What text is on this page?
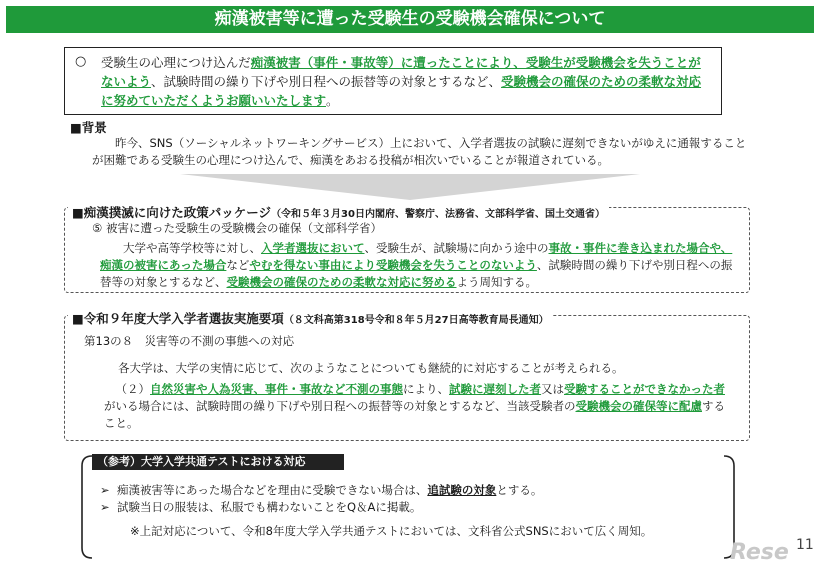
痴漢被害等に遭った受験生の受験機会確保について
○ 受験生の心理につけ込んだ痴漢被害（事件・事故等）に遭ったことにより、受験生が受験機会を失うことがないよう、試験時間の繰り下げや別日程への振替等の対象とするなど、受験機会の確保のための柔軟な対応に努めていただくようお願いいたします。
■背景
昨今、SNS（ソーシャルネットワーキングサービス）上において、入学者選抜の試験に遅刻できないがゆえに通報することが困難である受験生の心理につけ込んで、痴漢をあおる投稿が相次いでいることが報道されている。
■痴漢撲滅に向けた政策パッケージ（令和５年３月30日内閣府、警察庁、法務省、文部科学省、国土交通省）
⑤ 被害に遭った受験生の受験機会の確保（文部科学省）
大学や高等学校等に対し、入学者選抜において、受験生が、試験場に向かう途中の事故・事件に巻き込まれた場合や、痴漢の被害にあった場合などやむを得ない事由により受験機会を失うことのないよう、試験時間の繰り下げや別日程への振替等の対象とするなど、受験機会の確保のための柔軟な対応に努めるよう周知する。
■令和９年度大学入学者選抜実施要項（８文科高第318号令和８年５月27日高等教育局長通知）
第13の８　災害等の不測の事態への対応
各大学は、大学の実情に応じて、次のようなことについても継続的に対応することが考えられる。
（２）自然災害や人為災害、事件・事故など不測の事態により、試験に遅刻した者又は受験することができなかった者がいる場合には、試験時間の繰り下げや別日程への振替等の対象とするなど、当該受験者の受験機会の確保等に配慮すること。
（参考）大学入学共通テストにおける対応
➢ 痴漢被害等にあった場合などを理由に受験できない場合は、追試験の対象とする。
➢ 試験当日の服装は、私服でも構わないことをQ＆Aに掲載。
※上記対応について、令和8年度大学入学共通テストにおいては、文科省公式SNSにおいて広く周知。
Rese 11
